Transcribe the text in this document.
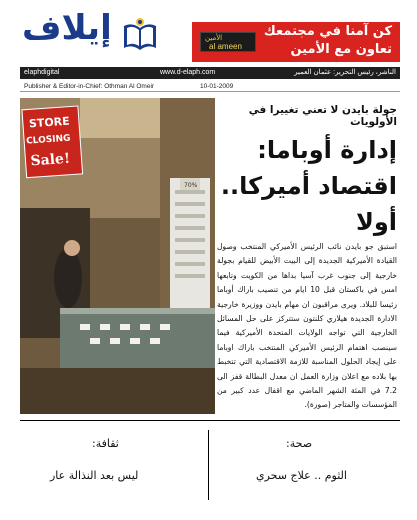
إيلاف	الأمين
al ameen
كن آمنا في مجتمعك
تعاون مع الأمين
elaphdigital	www.d-elaph.com	الناشر، رئيس التحرير: عثمان العمير
Publisher & Editor-in-Chief: Othman Al Omeir	10-01-2009
جولة بايدن لا تعني تغييرا في الأولويات
إدارة أوباما:
اقتصاد أميركا..
أولا
70%
STORE
CLOSING
Sale!
استبق جو بايدن نائب الرئيس الأميركي المنتخب وصول القيادة الأميركية الجديدة إلى البيت الأبيض للقيام بجولة خارجية إلى جنوب غرب آسيا بداها من الكويت وتابعها امس في باكستان قبل 10 ايام من تنصيب باراك أوباما رئيسا للبلاد. ويرى مراقبون ان مهام بايدن ووزيرة خارجية الادارة الجديدة هيلاري كلنتون ستتركز على حل المسائل الخارجية التي تواجه الولايات المتحدة الأميركية فيما سينصب اهتمام الرئيس الأميركي المنتخب باراك اوباما على إيجاد الحلول المناسبة للازمة الاقتصادية التي تتخبط بها بلاده مع اعلان وزارة العمل ان معدل البطالة قفز الى 7.2 في المئة الشهر الماضي مع اقفال عدد كبير من المؤسسات والمتاجر (صورة).
صحة:
الثوم .. علاج سحري
ثقافة:
ليس بعد النذالة عار
